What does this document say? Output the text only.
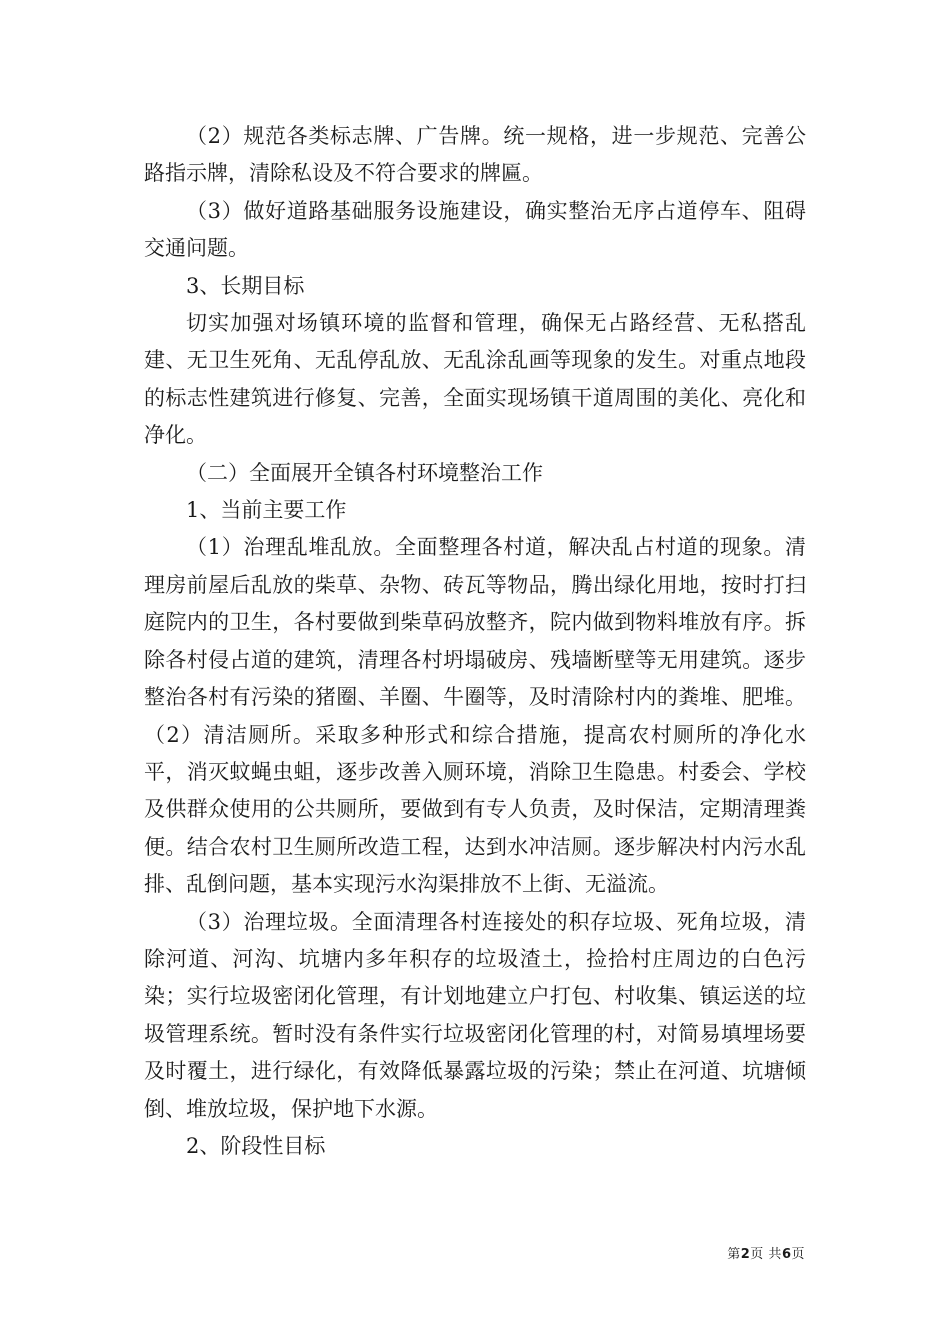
（2）规范各类标志牌、广告牌。统一规格，进一步规范、完善公路指示牌，清除私设及不符合要求的牌匾。

（3）做好道路基础服务设施建设，确实整治无序占道停车、阻碍交通问题。

3、长期目标

切实加强对场镇环境的监督和管理，确保无占路经营、无私搭乱建、无卫生死角、无乱停乱放、无乱涂乱画等现象的发生。对重点地段的标志性建筑进行修复、完善，全面实现场镇干道周围的美化、亮化和净化。

（二）全面展开全镇各村环境整治工作

1、当前主要工作

（1）治理乱堆乱放。全面整理各村道，解决乱占村道的现象。清理房前屋后乱放的柴草、杂物、砖瓦等物品，腾出绿化用地，按时打扫庭院内的卫生，各村要做到柴草码放整齐，院内做到物料堆放有序。拆除各村侵占道的建筑，清理各村坍塌破房、残墙断壁等无用建筑。逐步整治各村有污染的猪圈、羊圈、牛圈等，及时清除村内的粪堆、肥堆。（2）清洁厕所。采取多种形式和综合措施，提高农村厕所的净化水平，消灭蚊蝇虫蛆，逐步改善入厕环境，消除卫生隐患。村委会、学校及供群众使用的公共厕所，要做到有专人负责，及时保洁，定期清理粪便。结合农村卫生厕所改造工程，达到水冲洁厕。逐步解决村内污水乱排、乱倒问题，基本实现污水沟渠排放不上街、无溢流。

（3）治理垃圾。全面清理各村连接处的积存垃圾、死角垃圾，清除河道、河沟、坑塘内多年积存的垃圾渣土，捡拾村庄周边的白色污染；实行垃圾密闭化管理，有计划地建立户打包、村收集、镇运送的垃圾管理系统。暂时没有条件实行垃圾密闭化管理的村，对简易填埋场要及时覆土，进行绿化，有效降低暴露垃圾的污染；禁止在河道、坑塘倾倒、堆放垃圾，保护地下水源。

2、阶段性目标

第2页 共6页
